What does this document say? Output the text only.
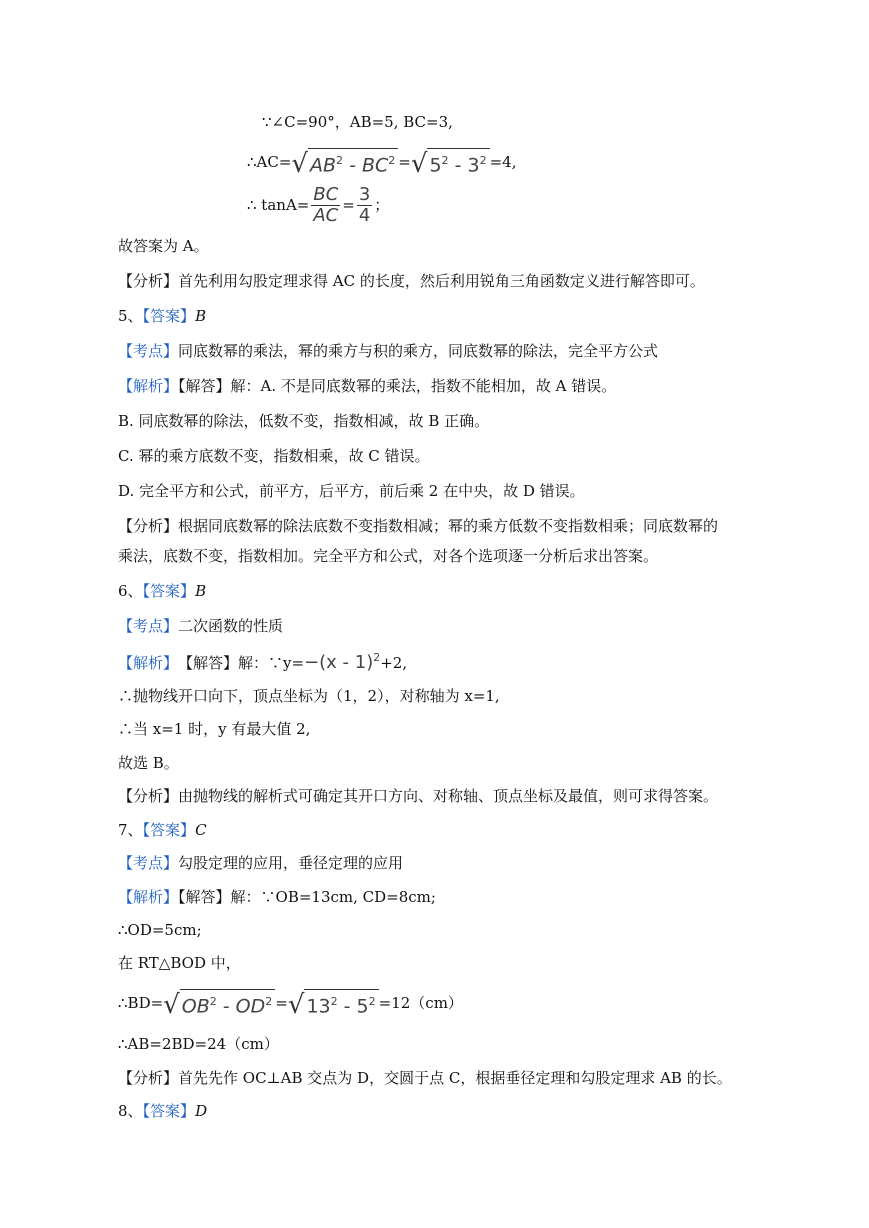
∵∠C=90°，AB=5, BC=3,
∴AC= √ $AB^2 - BC^2$ = √ $5^2 - 3^2 =4$,
∴ $\tan A= \frac{BC}{AC} = \frac{3}{4}$ ；
故答案为 A。
【分析】首先利用勾股定理求得 AC 的长度，然后利用锐角三角函数定义进行解答即可。
5、【答案】B
【考点】同底数幂的乘法，幂的乘方与积的乘方，同底数幂的除法，完全平方公式
【解析】【解答】解：A. 不是同底数幂的乘法，指数不能相加，故 A 错误。
B. 同底数幂的除法，低数不变，指数相减，故 B 正确。
C. 幂的乘方底数不变，指数相乘，故 C 错误。
D. 完全平方和公式，前平方，后平方，前后乘 2 在中央，故 D 错误。
【分析】根据同底数幂的除法底数不变指数相减；幂的乘方低数不变指数相乘；同底数幂的
乘法，底数不变，指数相加。完全平方和公式，对各个选项逐一分析后求出答案。
6、【答案】B
【考点】二次函数的性质
【解析】 【解答】解：∵y= −(x - 1)$^2$ +2,
∴抛物线开口向下，顶点坐标为（1，2），对称轴为 x=1,
∴当 x=1 时，y 有最大值 2,
故选 B。
【分析】由抛物线的解析式可确定其开口方向、对称轴、顶点坐标及最值，则可求得答案。
7、【答案】C
【考点】勾股定理的应用，垂径定理的应用
【解析】【解答】解：∵OB=13cm, CD=8cm;
∴OD=5cm;
在 RT△BOD 中，
∴BD= √ $OB^2 - OD^2$ = √ $13^2 - 5^2 =12(cm)$
∴AB=2BD=24（cm）
【分析】首先先作 OC⊥AB 交点为 D，交圆于点 C，根据垂径定理和勾股定理求 AB 的长。
8、【答案】D
